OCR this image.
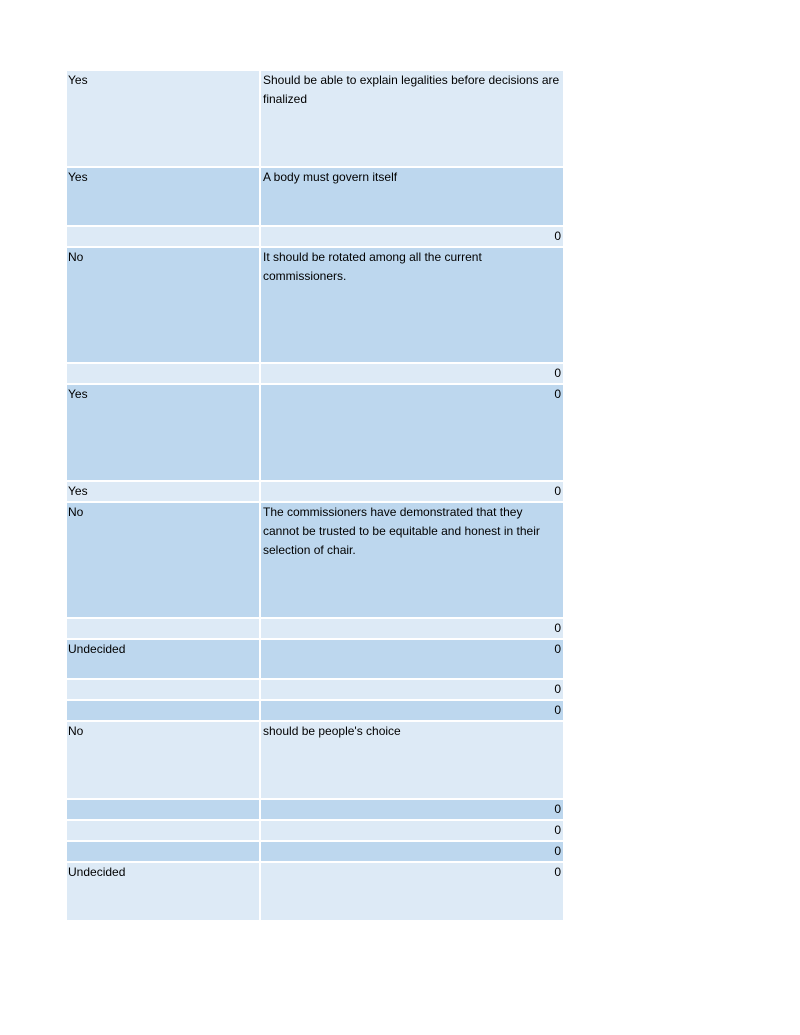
Yes	Should be able to explain legalities before decisions are finalized

Yes	A body must govern itself

	0

No	It should be rotated among all the current commissioners.

	0

Yes	0

Yes	0

No	The commissioners have demonstrated that they cannot be trusted to be equitable and honest in their selection of chair.

	0

Undecided	0

	0

	0

No	should be people's choice

	0

	0

	0

Undecided	0
